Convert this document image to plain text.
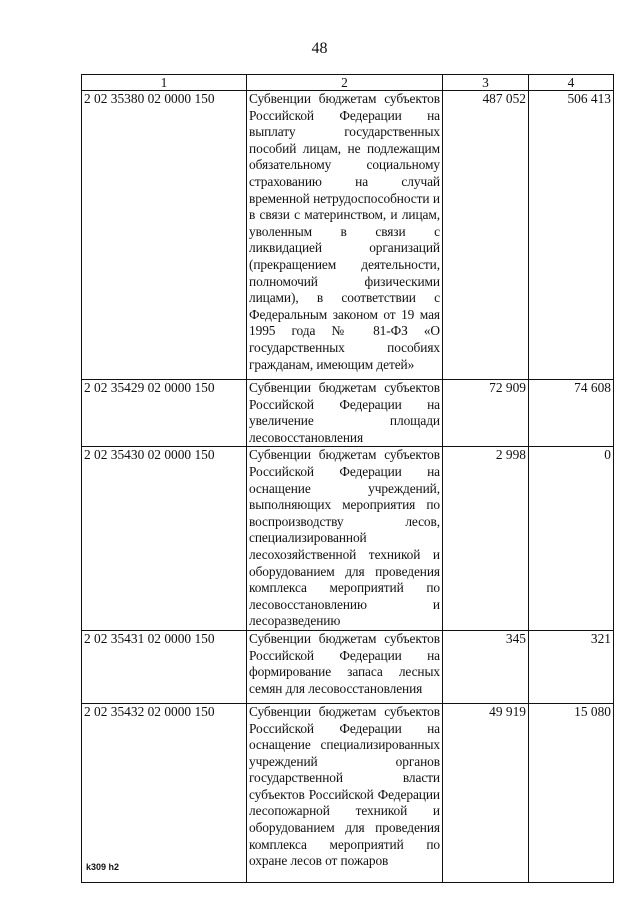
48
1	2	3	4
2 02 35380 02 0000 150	Субвенции бюджетам субъектов Российской Федерации на выплату государственных пособий лицам, не подлежащим обязательному социальному страхованию на случай временной нетрудоспособности и в связи с материнством, и лицам, уволенным в связи с ликвидацией организаций (прекращением деятельности, полномочий физическими лицами), в соответствии с Федеральным законом от 19 мая 1995 года № 81-ФЗ «О государственных пособиях гражданам, имеющим детей»	487 052	506 413
2 02 35429 02 0000 150	Субвенции бюджетам субъектов Российской Федерации на увеличение площади лесовосстановления	72 909	74 608
2 02 35430 02 0000 150	Субвенции бюджетам субъектов Российской Федерации на оснащение учреждений, выполняющих мероприятия по воспроизводству лесов, специализированной лесохозяйственной техникой и оборудованием для проведения комплекса мероприятий по лесовосстановлению и лесоразведению	2 998	0
2 02 35431 02 0000 150	Субвенции бюджетам субъектов Российской Федерации на формирование запаса лесных семян для лесовосстановления	345	321
2 02 35432 02 0000 150	Субвенции бюджетам субъектов Российской Федерации на оснащение специализированных учреждений органов государственной власти субъектов Российской Федерации лесопожарной техникой и оборудованием для проведения комплекса мероприятий по охране лесов от пожаров	49 919	15 080
k309 h2
